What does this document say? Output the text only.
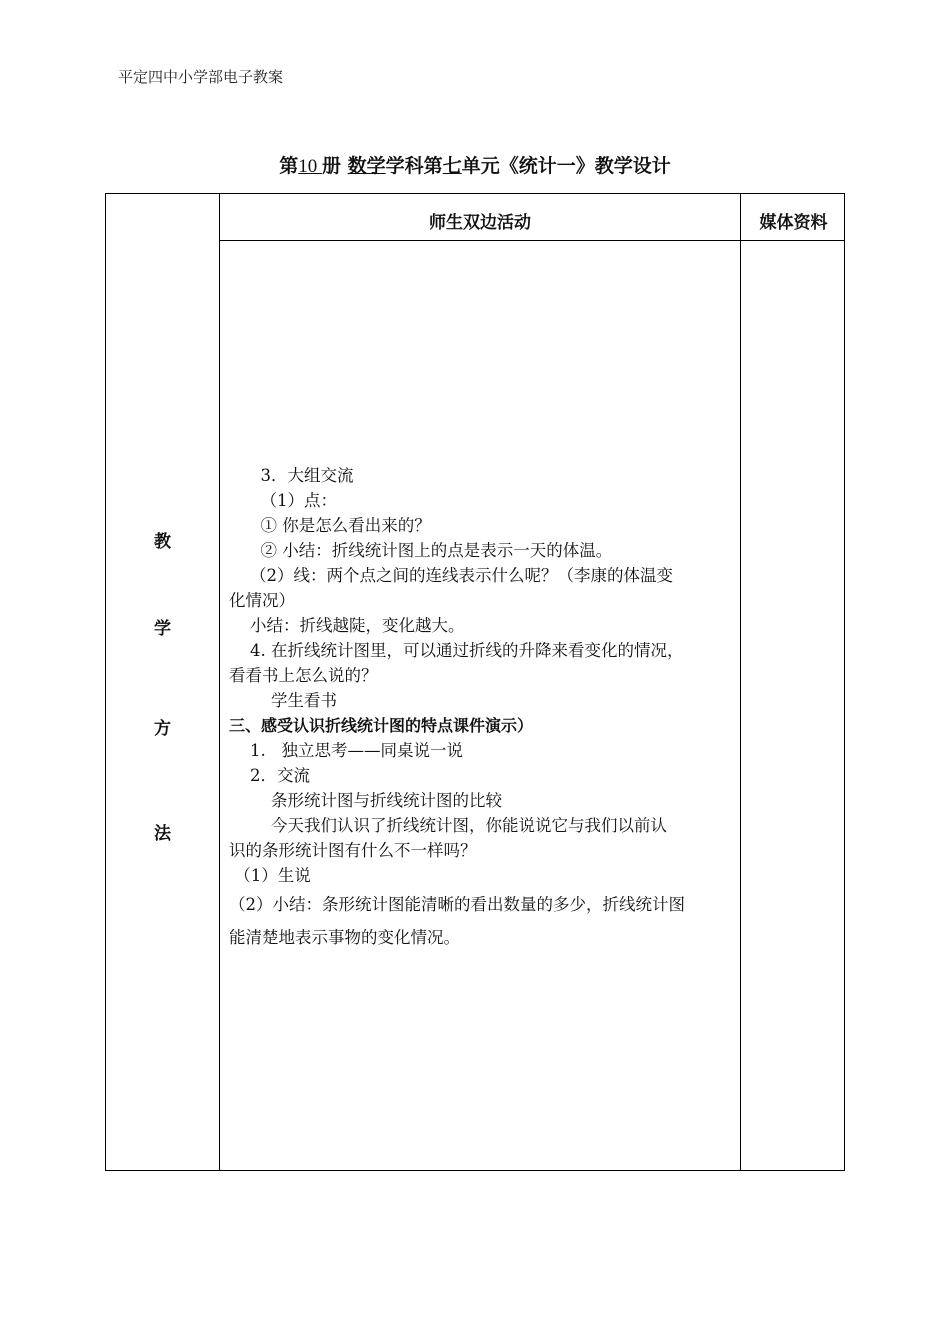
平定四中小学部电子教案
第10 册 数学学科第七单元《统计一》教学设计
师生双边活动	媒体资料
教
学
方
法

3．大组交流

（1）点：

① 你是怎么看出来的？

② 小结：折线统计图上的点是表示一天的体温。

（2）线：两个点之间的连线表示什么呢？（李康的体温变

化情况）

小结：折线越陡，变化越大。

4. 在折线统计图里，可以通过折线的升降来看变化的情况，

看看书上怎么说的？

学生看书

三、感受认识折线统计图的特点课件演示）

1.   独立思考——同桌说一说

2．交流

条形统计图与折线统计图的比较

今天我们认识了折线统计图，你能说说它与我们以前认

识的条形统计图有什么不一样吗？

（1）生说

（2）小结：条形统计图能清晰的看出数量的多少，折线统计图

能清楚地表示事物的变化情况。
